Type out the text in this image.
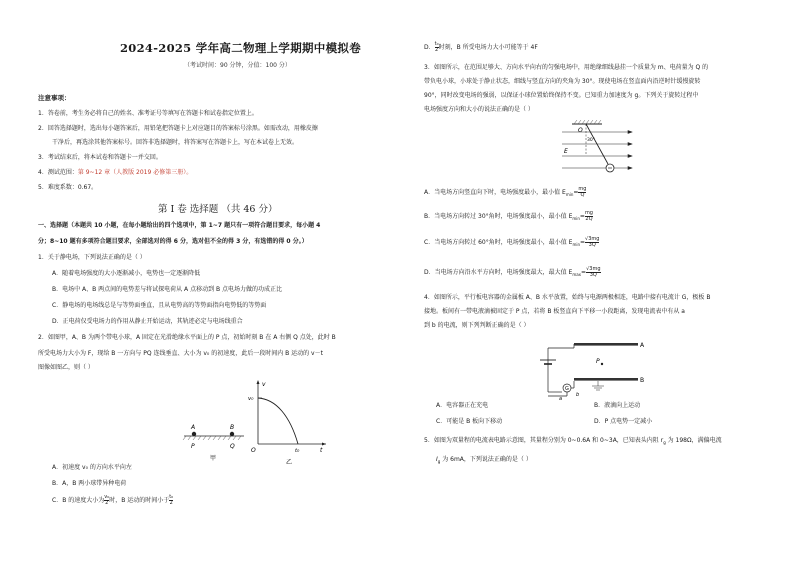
2024-2025 学年高二物理上学期期中模拟卷
（考试时间：90 分钟，分值：100 分）
注意事项：
1．答卷前，考生务必将自己的姓名、准考证号等填写在答题卡和试卷指定位置上。
2．回答选择题时，选出每小题答案后，用铅笔把答题卡上对应题目的答案标号涂黑。如需改动，用橡皮擦
干净后，再选涂其他答案标号。回答非选择题时，将答案写在答题卡上，写在本试卷上无效。
3．考试结束后，将本试卷和答题卡一并交回。
4．测试范围：第 9~12 章（人教版 2019 必修第三册）。
5．难度系数：0.67。
第 I 卷 选择题 （共 46 分）
一、选择题（本题共 10 小题，在每小题给出的四个选项中，第 1~7 题只有一项符合题目要求，每小题 4
分；8~10 题有多项符合题目要求，全部选对的得 6 分，选对但不全的得 3 分，有选错的得 0 分。）
1．关于静电场，下列说法正确的是（ ）
A．随着电场强度的大小逐渐减小，电势也一定逐渐降低
B．电场中 A、B 两点间的电势差与将试探电荷从 A 点移动到 B 点电场力做的功成正比
C．静电场的电场线总是与等势面垂直，且从电势高的等势面指向电势低的等势面
D．正电荷仅受电场力的作用从静止开始运动，其轨迹必定与电场线重合
2．如图甲，A、B 为两个带电小球，A 固定在光滑绝缘水平面上的 P 点，初始时刻 B 在 A 右侧 Q 点处，此时 B
所受电场力大小为 F，现给 B 一方向与 PQ 连线垂直、大小为 v₀ 的初速度，此后一段时间内 B 运动的 v－t
图像如图乙，则（ ）
A	B
P	Q
甲
v
v₀
O	t₀	t
乙
A．初速度 v₀ 的方向水平向左
B．A，B 两小球带异种电荷
C．B 的速度大小为 $\frac{\text{v₀}}{2}$ 时，B 运动的时间小于 $\frac{\text{t₀}}{2}$
D． $\frac{\text{t₀}}{2}$ 时刻，B 所受电场力大小可能等于 4F
3．如图所示，在范围足够大、方向水平向右的匀强电场中，用绝缘细线悬挂一个质量为 m、电荷量为 Q 的
带负电小球，小球处于静止状态，细线与竖直方向的夹角为 30°。现使电场在竖直面内沿逆时针缓慢旋转
90°，同时改变电场的强弱，以保证小球位置始终保持不变。已知重力加速度为 g。下列关于旋转过程中
电场强度方向和大小的说法正确的是（ ）
O
30°
E
A．当电场方向竖直向下时，电场强度最小，最小值 $E_{min}= \frac{mg}{Q}$
B．当电场方向转过 30°角时，电场强度最小，最小值 $E_{min}= \frac{mg}{2Q}$
C．当电场方向转过 60°角时，电场强度最小，最小值 $E_{min}= \frac{√3mg}{3Q}$
D．当电场方向沿水平方向时，电场强度最大，最大值 $E_{max}= \frac{√3mg}{3Q}$
4．如图所示，平行板电容器的金属板 A、B 水平放置，始终与电源两极相连，电路中接有电流计 G，极板 B
接地。板间有一带电液滴被固定于 P 点，若将 B 板竖直向下平移一小段距离，发现电流表中有从 a
到 b 的电流，则下列判断正确的是（ ）
A
B
P
G
a
b
A．电容器正在充电	B．液滴向上运动
C．可能是 B 板向下移动	D．P 点电势一定减小
5．如图为双量程的电流表电路示意图，其量程分别为 0~0.6A 和 0~3A，已知表头内阻 $r_g$ 为 198Ω，满偏电流
$I_g$ 为 6mA，下列说法正确的是（ ）
